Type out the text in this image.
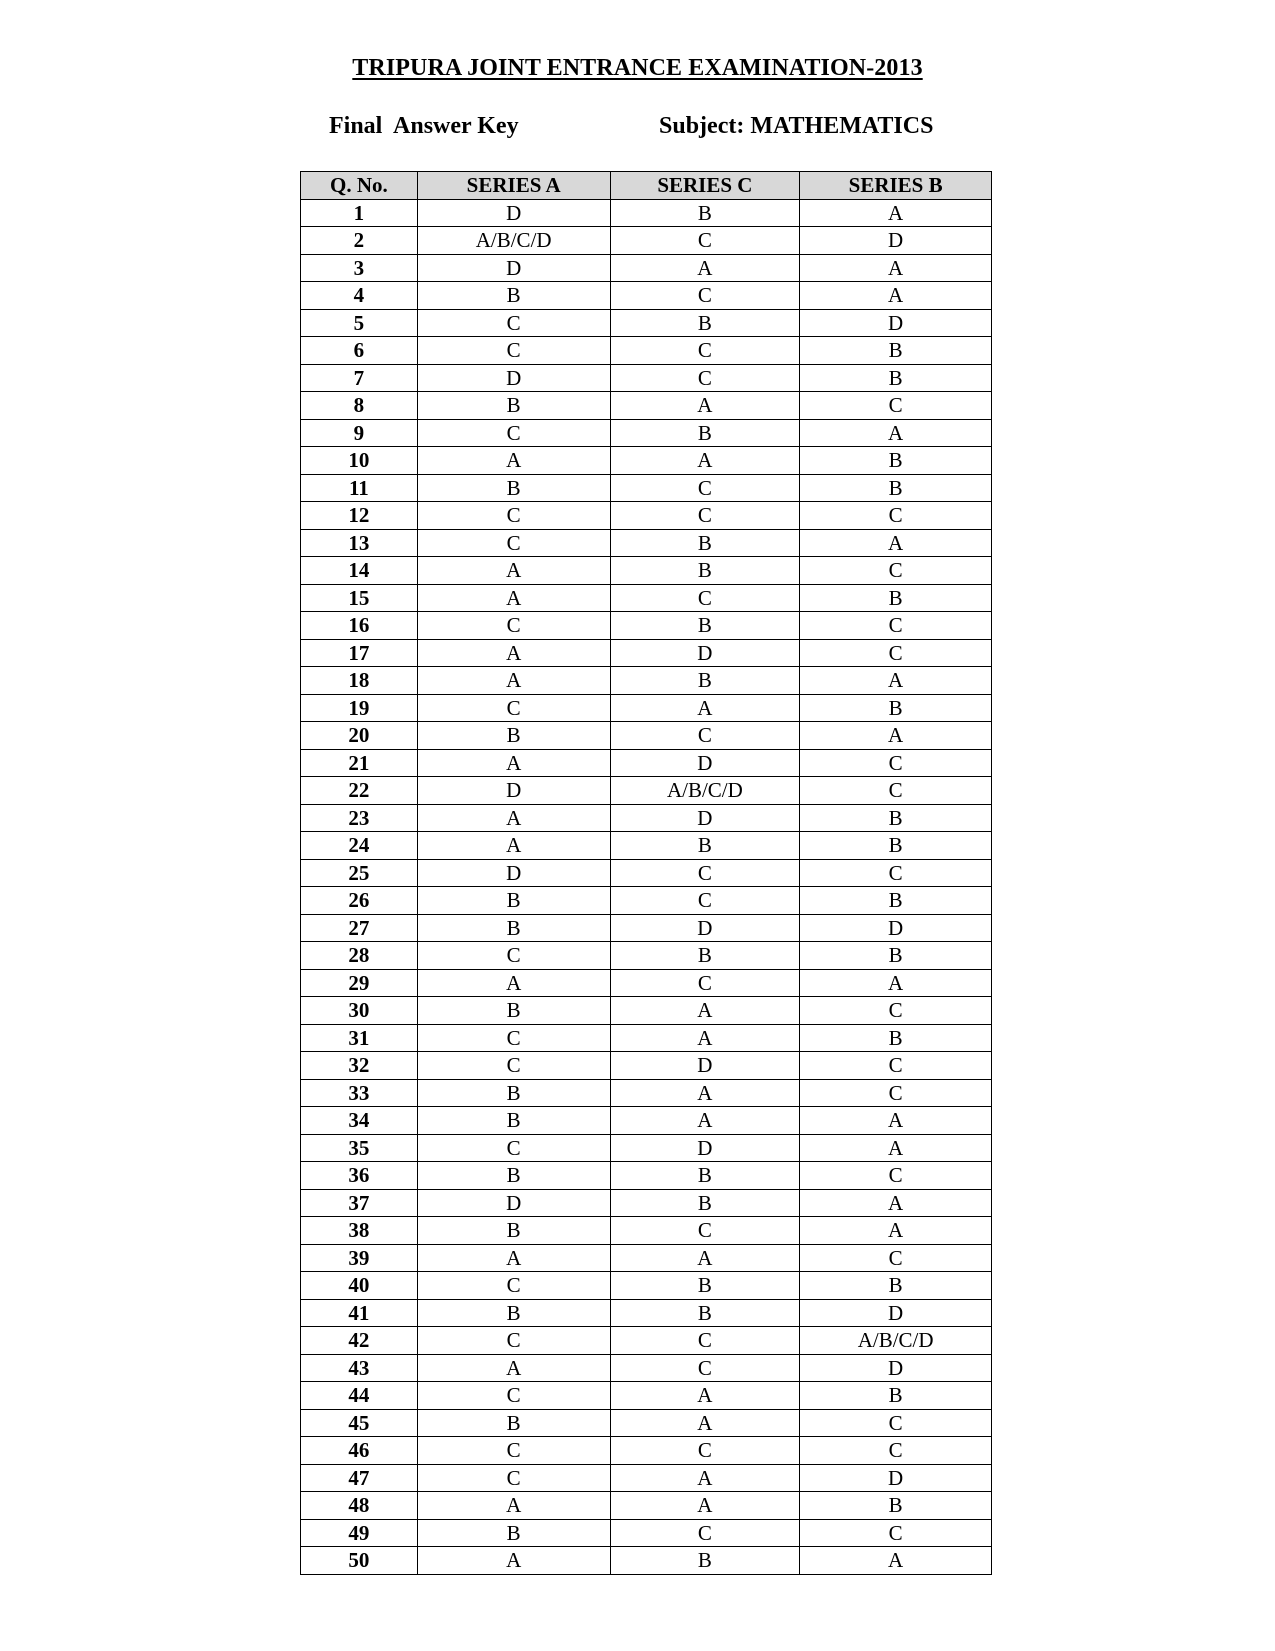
TRIPURA JOINT ENTRANCE EXAMINATION-2013
Final  Answer Key	Subject: MATHEMATICS
Q. No.	SERIES A	SERIES C	SERIES B
1	D	B	A
2	A/B/C/D	C	D
3	D	A	A
4	B	C	A
5	C	B	D
6	C	C	B
7	D	C	B
8	B	A	C
9	C	B	A
10	A	A	B
11	B	C	B
12	C	C	C
13	C	B	A
14	A	B	C
15	A	C	B
16	C	B	C
17	A	D	C
18	A	B	A
19	C	A	B
20	B	C	A
21	A	D	C
22	D	A/B/C/D	C
23	A	D	B
24	A	B	B
25	D	C	C
26	B	C	B
27	B	D	D
28	C	B	B
29	A	C	A
30	B	A	C
31	C	A	B
32	C	D	C
33	B	A	C
34	B	A	A
35	C	D	A
36	B	B	C
37	D	B	A
38	B	C	A
39	A	A	C
40	C	B	B
41	B	B	D
42	C	C	A/B/C/D
43	A	C	D
44	C	A	B
45	B	A	C
46	C	C	C
47	C	A	D
48	A	A	B
49	B	C	C
50	A	B	A
